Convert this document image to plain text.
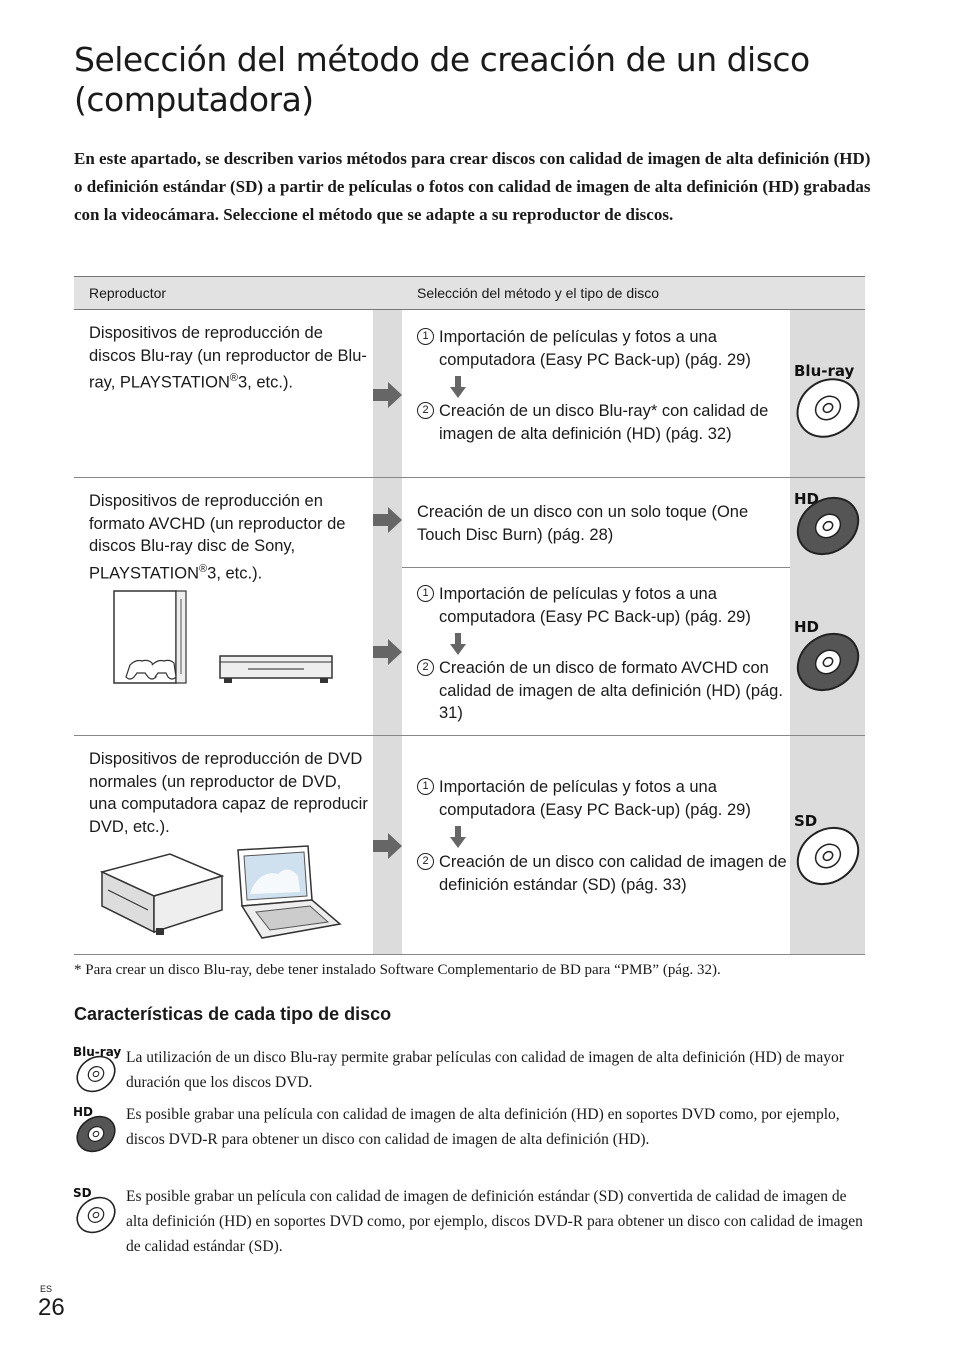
Selección del método de creación de un disco (computadora)

En este apartado, se describen varios métodos para crear discos con calidad de imagen de alta definición (HD) o definición estándar (SD) a partir de películas o fotos con calidad de imagen de alta definición (HD) grabadas con la videocámara. Seleccione el método que se adapte a su reproductor de discos.

Reproductor	Selección del método y el tipo de disco
Dispositivos de reproducción de discos Blu-ray (un reproductor de Blu-ray, PLAYSTATION®3, etc.).
1 Importación de películas y fotos a una computadora (Easy PC Back-up) (pág. 29)
2 Creación de un disco Blu-ray* con calidad de imagen de alta definición (HD) (pág. 32)
Blu-ray
Dispositivos de reproducción en formato AVCHD (un reproductor de discos Blu-ray disc de Sony, PLAYSTATION®3, etc.).
Creación de un disco con un solo toque (One Touch Disc Burn) (pág. 28)
1 Importación de películas y fotos a una computadora (Easy PC Back-up) (pág. 29)
2 Creación de un disco de formato AVCHD con calidad de imagen de alta definición (HD) (pág. 31)
HD
HD
Dispositivos de reproducción de DVD normales (un reproductor de DVD, una computadora capaz de reproducir DVD, etc.).
1 Importación de películas y fotos a una computadora (Easy PC Back-up) (pág. 29)
2 Creación de un disco con calidad de imagen de definición estándar (SD) (pág. 33)
SD

* Para crear un disco Blu-ray, debe tener instalado Software Complementario de BD para “PMB” (pág. 32).

Características de cada tipo de disco
Blu-ray La utilización de un disco Blu-ray permite grabar películas con calidad de imagen de alta definición (HD) de mayor duración que los discos DVD.

HD Es posible grabar una película con calidad de imagen de alta definición (HD) en soportes DVD como, por ejemplo, discos DVD-R para obtener un disco con calidad de imagen de alta definición (HD).

SD Es posible grabar un película con calidad de imagen de definición estándar (SD) convertida de calidad de imagen de alta definición (HD) en soportes DVD como, por ejemplo, discos DVD-R para obtener un disco con calidad de imagen de calidad estándar (SD).

ES
26
